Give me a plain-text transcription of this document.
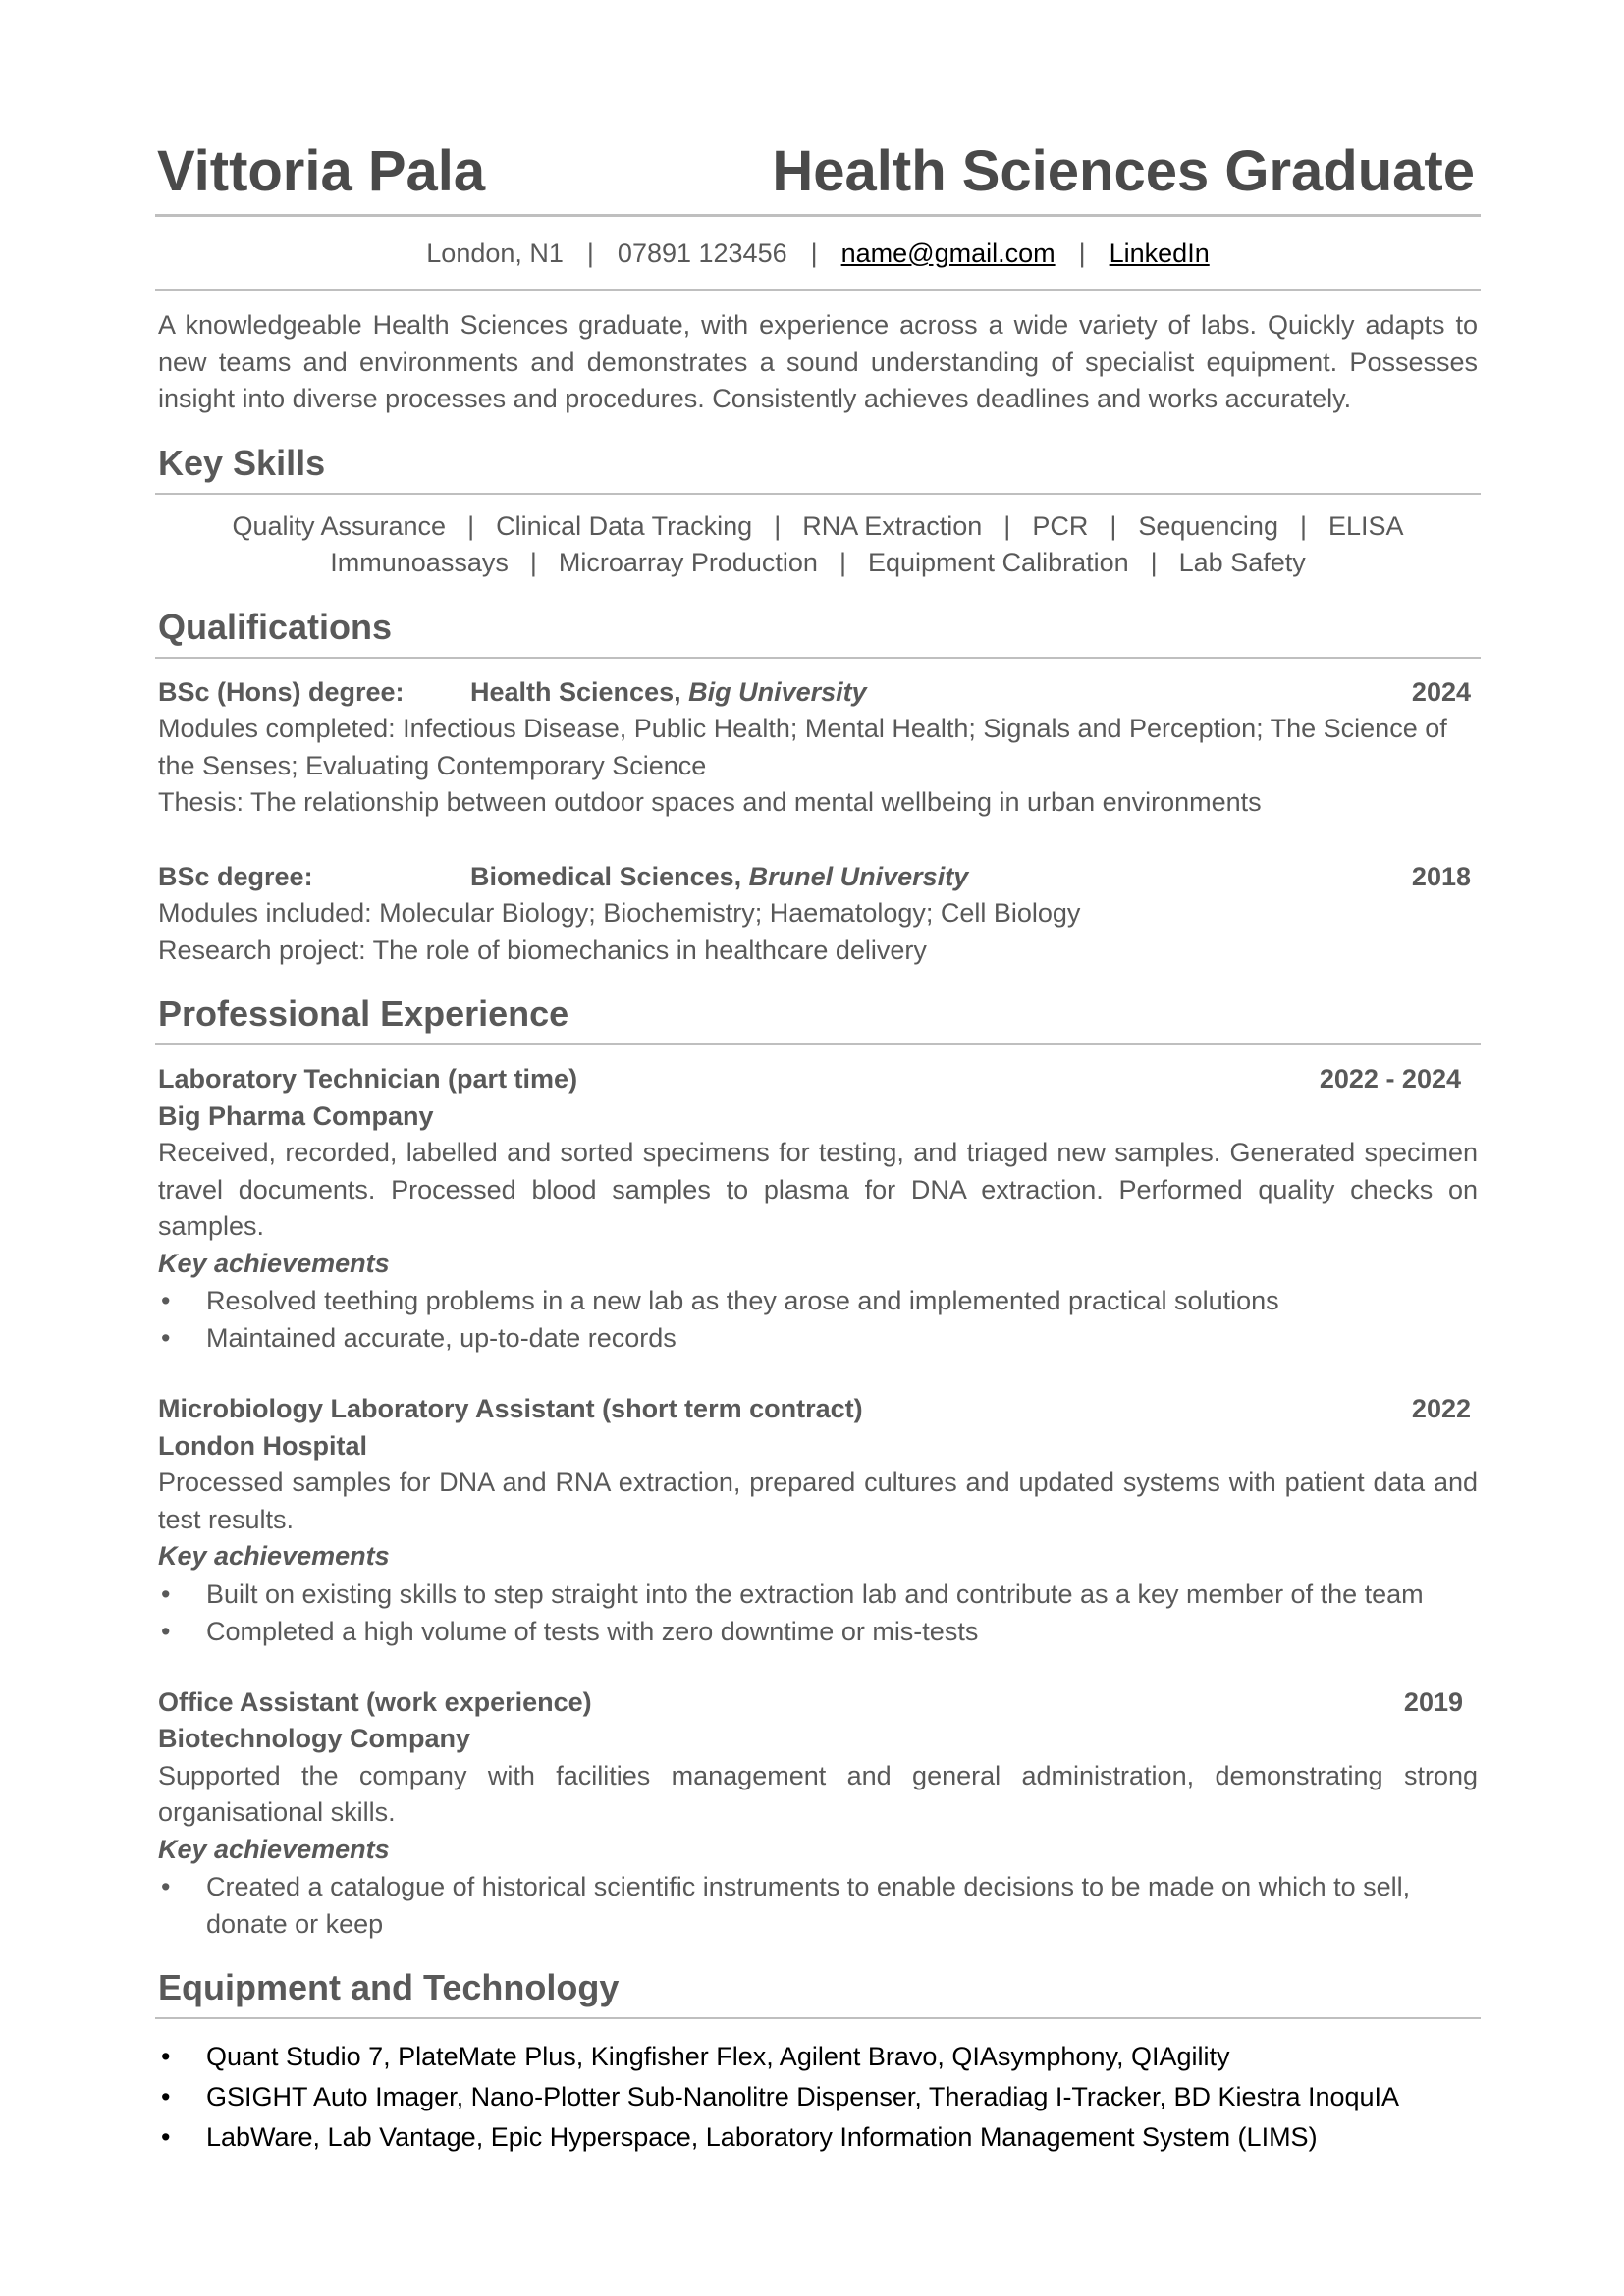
Vittoria Pala	Health Sciences Graduate
London, N1 | 07891 123456 | name@gmail.com | LinkedIn
A knowledgeable Health Sciences graduate, with experience across a wide variety of labs. Quickly adapts to new teams and environments and demonstrates a sound understanding of specialist equipment. Possesses insight into diverse processes and procedures. Consistently achieves deadlines and works accurately.
Key Skills
Quality Assurance | Clinical Data Tracking | RNA Extraction | PCR | Sequencing | ELISA
Immunoassays | Microarray Production | Equipment Calibration | Lab Safety
Qualifications
BSc (Hons) degree:	Health Sciences, Big University	2024
Modules completed: Infectious Disease, Public Health; Mental Health; Signals and Perception; The Science of the Senses; Evaluating Contemporary Science
Thesis: The relationship between outdoor spaces and mental wellbeing in urban environments
BSc degree:	Biomedical Sciences, Brunel University	2018
Modules included: Molecular Biology; Biochemistry; Haematology; Cell Biology
Research project: The role of biomechanics in healthcare delivery
Professional Experience
Laboratory Technician (part time)	2022 - 2024
Big Pharma Company
Received, recorded, labelled and sorted specimens for testing, and triaged new samples. Generated specimen travel documents. Processed blood samples to plasma for DNA extraction. Performed quality checks on samples.
Key achievements
• Resolved teething problems in a new lab as they arose and implemented practical solutions
• Maintained accurate, up-to-date records
Microbiology Laboratory Assistant (short term contract)	2022
London Hospital
Processed samples for DNA and RNA extraction, prepared cultures and updated systems with patient data and test results.
Key achievements
• Built on existing skills to step straight into the extraction lab and contribute as a key member of the team
• Completed a high volume of tests with zero downtime or mis-tests
Office Assistant (work experience)	2019
Biotechnology Company
Supported the company with facilities management and general administration, demonstrating strong organisational skills.
Key achievements
• Created a catalogue of historical scientific instruments to enable decisions to be made on which to sell, donate or keep
Equipment and Technology
• Quant Studio 7, PlateMate Plus, Kingfisher Flex, Agilent Bravo, QIAsymphony, QIAgility
• GSIGHT Auto Imager, Nano-Plotter Sub-Nanolitre Dispenser, Theradiag I-Tracker, BD Kiestra InoquIA
• LabWare, Lab Vantage, Epic Hyperspace, Laboratory Information Management System (LIMS)
